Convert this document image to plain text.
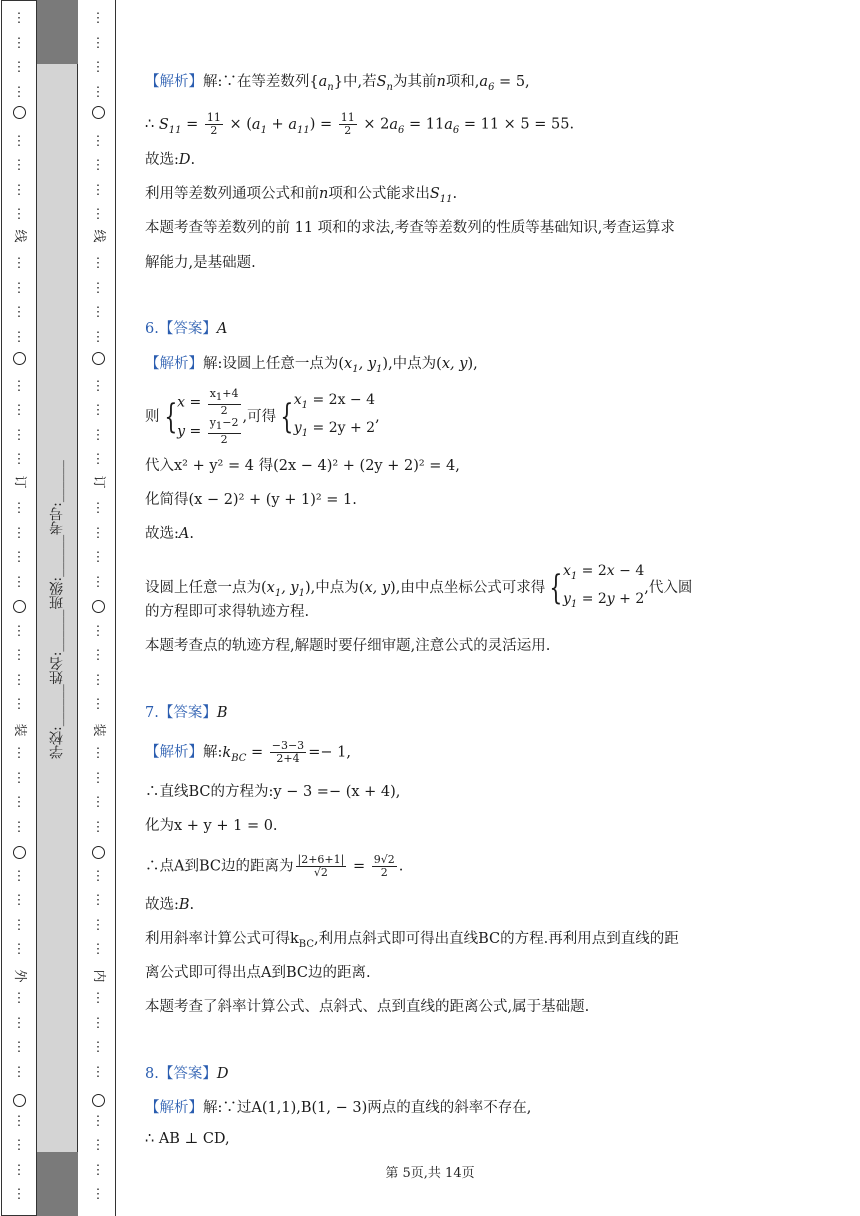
⋮
⋮
⋮
⋮
⋮
⋮
⋮
⋮
⋮
⋮
⋮
⋮
⋮
⋮
⋮
⋮
⋮
⋮
⋮
⋮
⋮
⋮
⋮
⋮
⋮
⋮
⋮
⋮
⋮
⋮
⋮
⋮
⋮
⋮
⋮
⋮
⋮
⋮
⋮
⋮
线
订
装
外
⋮
⋮
⋮
⋮
⋮
⋮
⋮
⋮
⋮
⋮
⋮
⋮
⋮
⋮
⋮
⋮
⋮
⋮
⋮
⋮
⋮
⋮
⋮
⋮
⋮
⋮
⋮
⋮
⋮
⋮
⋮
⋮
⋮
⋮
⋮
⋮
⋮
⋮
⋮
⋮
线
订
装
内
学校:______姓名:______班级:______考号:______
【解析】解:∵在等差数列$\{a_n\}$中,若$S_n$为其前n项和$,a_6 = 5$,
∴ $S_{11} = \frac{11}{2} \times (a_1 + a_{11}) = \frac{11}{2} \times 2a_6 = 11a_6 = 11 \times 5 = 55$.
故选:D.
利用等差数列通项公式和前n项和公式能求出$S_{11}$.
本题考查等差数列的前 11 项和的求法,考查等差数列的性质等基础知识,考查运算求
解能力,是基础题.
6.【答案】A
【解析】解:设圆上任意一点为($x_1$, $y_1$),中点为(x, y),
则 {$x = \frac{x_1+4}{2}$

$y = \frac{y_1-2}{2}$ ,可得 {$x_1 = 2x - 4$
$y_1 = 2y + 2$,
代入x² + y² = 4 得(2x − 4)² + (2y + 2)² = 4,
化简得(x − 2)² + (y + 1)² = 1.
故选:A.
设圆上任意一点为($x_1$, $y_1$),中点为(x, y),由中点坐标公式可求得 {$x_1 = 2x - 4$
$y_1 = 2y + 2$,代入圆
的方程即可求得轨迹方程.
本题考查点的轨迹方程,解题时要仔细审题,注意公式的灵活运用.
7.【答案】B
【解析】解$:k_{BC} = \frac{-3-3}{2+4} =- 1$,
∴直线BC的方程为:y − 3 =− (x + 4),
化为x + y + 1 = 0.
∴点A到BC边的距离为 $\frac{|2+6+1|}{√2} = \frac{9√2}{2}$ .
故选:B.
利用斜率计算公式可得$k_{BC}$,利用点斜式即可得出直线BC的方程.再利用点到直线的距
离公式即可得出点A到BC边的距离.
本题考查了斜率计算公式、点斜式、点到直线的距离公式,属于基础题.
8.【答案】D
【解析】解:∵过A(1,1),B(1, − 3)两点的直线的斜率不存在,
∴ AB ⊥ CD,
第 5页,共 14页
